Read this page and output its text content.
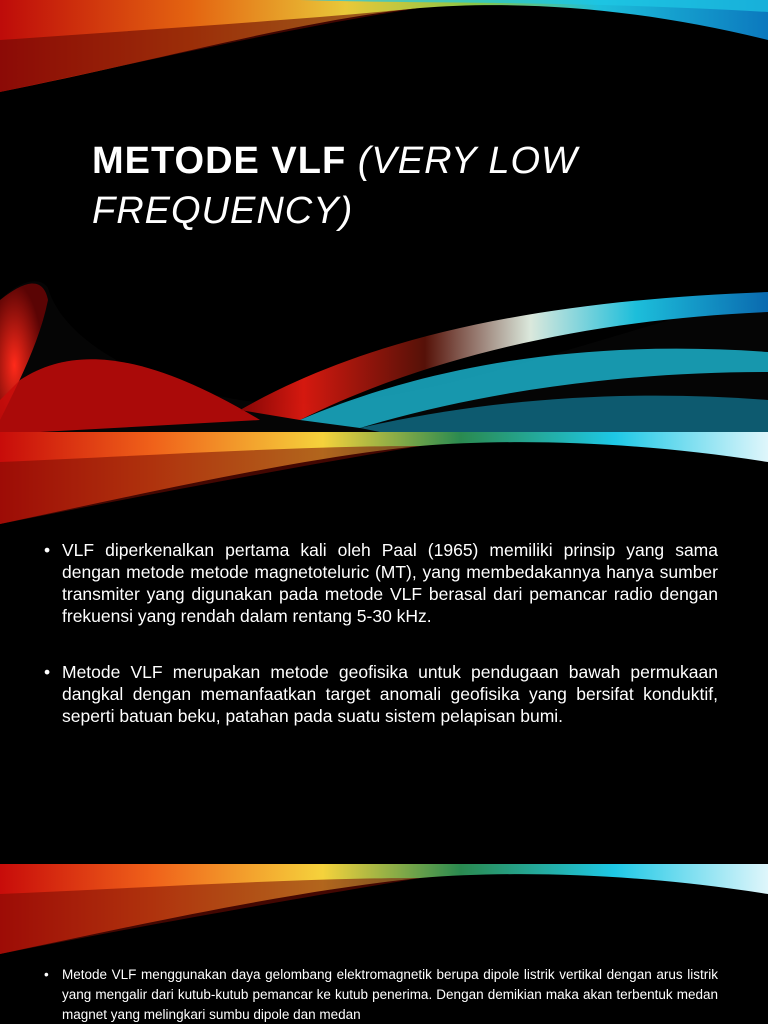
METODE VLF (VERY LOW FREQUENCY)
• VLF diperkenalkan pertama kali oleh Paal (1965) memiliki prinsip yang sama dengan metode metode magnetoteluric (MT), yang membedakannya hanya sumber transmiter yang digunakan pada metode VLF berasal dari pemancar radio dengan frekuensi yang rendah dalam rentang 5-30 kHz.
• Metode VLF merupakan metode geofisika untuk pendugaan bawah permukaan dangkal dengan memanfaatkan target anomali geofisika yang bersifat konduktif, seperti batuan beku, patahan pada suatu sistem pelapisan bumi.
• Metode VLF menggunakan daya gelombang elektromagnetik berupa dipole listrik vertikal dengan arus listrik yang mengalir dari kutub-kutub pemancar ke kutub penerima. Dengan demikian maka akan terbentuk medan magnet yang melingkari sumbu dipole dan medan
